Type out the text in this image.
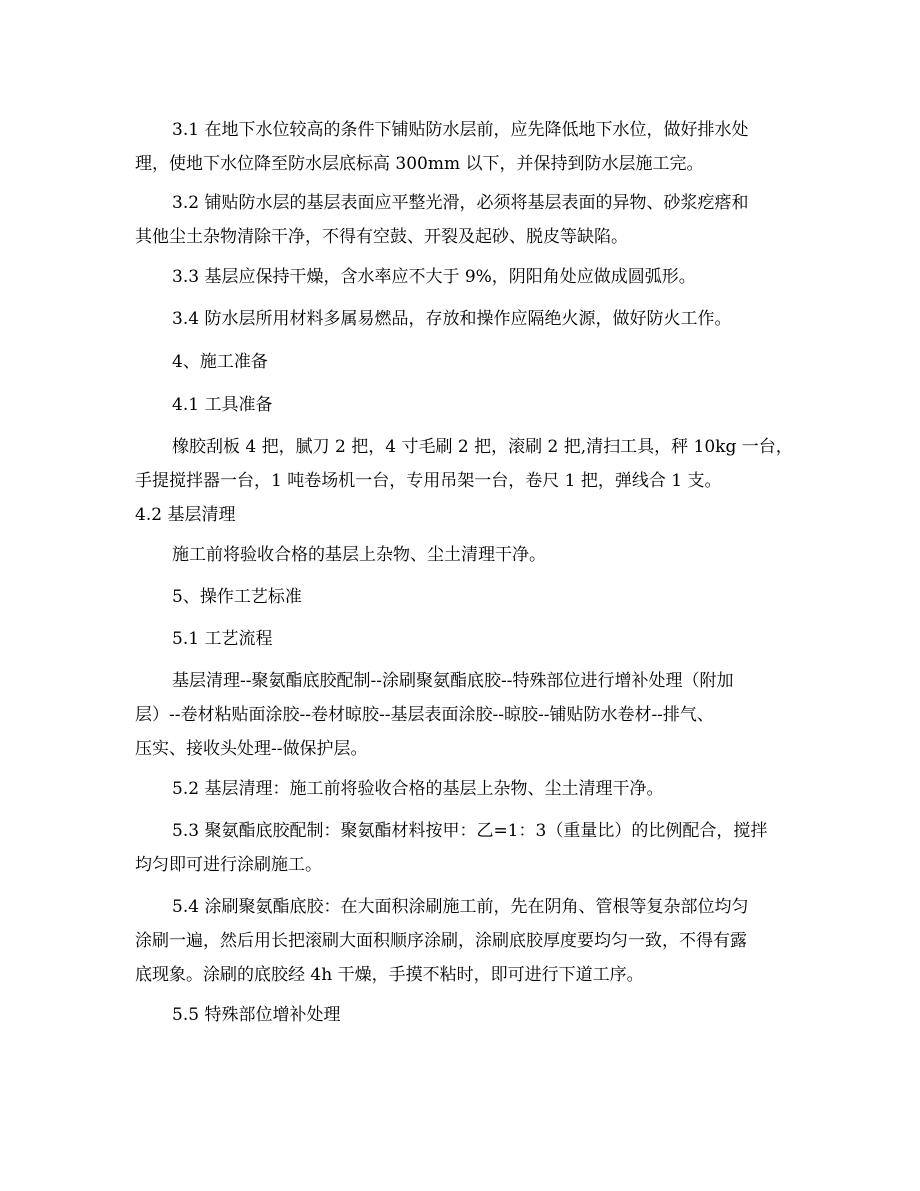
3.1 在地下水位较高的条件下铺贴防水层前，应先降低地下水位，做好排水处
理，使地下水位降至防水层底标高 300mm 以下，并保持到防水层施工完。
3.2 铺贴防水层的基层表面应平整光滑，必须将基层表面的异物、砂浆疙瘩和
其他尘土杂物清除干净，不得有空鼓、开裂及起砂、脱皮等缺陷。
3.3 基层应保持干燥，含水率应不大于 9%，阴阳角处应做成圆弧形。
3.4 防水层所用材料多属易燃品，存放和操作应隔绝火源，做好防火工作。
4、施工准备
4.1 工具准备
橡胶刮板 4 把，腻刀 2 把，4 寸毛刷 2 把，滚刷 2 把,清扫工具，秤 10kg 一台，
手提搅拌器一台，1 吨卷场机一台，专用吊架一台，卷尺 1 把，弹线合 1 支。
4.2 基层清理
施工前将验收合格的基层上杂物、尘土清理干净。
5、操作工艺标准
5.1 工艺流程
基层清理--聚氨酯底胶配制--涂刷聚氨酯底胶--特殊部位进行增补处理（附加
层）--卷材粘贴面涂胶--卷材晾胶--基层表面涂胶--晾胶--铺贴防水卷材--排气、
压实、接收头处理--做保护层。
5.2 基层清理：施工前将验收合格的基层上杂物、尘土清理干净。
5.3 聚氨酯底胶配制：聚氨酯材料按甲：乙=1：3（重量比）的比例配合，搅拌
均匀即可进行涂刷施工。
5.4 涂刷聚氨酯底胶：在大面积涂刷施工前，先在阴角、管根等复杂部位均匀
涂刷一遍，然后用长把滚刷大面积顺序涂刷，涂刷底胶厚度要均匀一致，不得有露
底现象。涂刷的底胶经 4h 干燥，手摸不粘时，即可进行下道工序。
5.5 特殊部位增补处理
